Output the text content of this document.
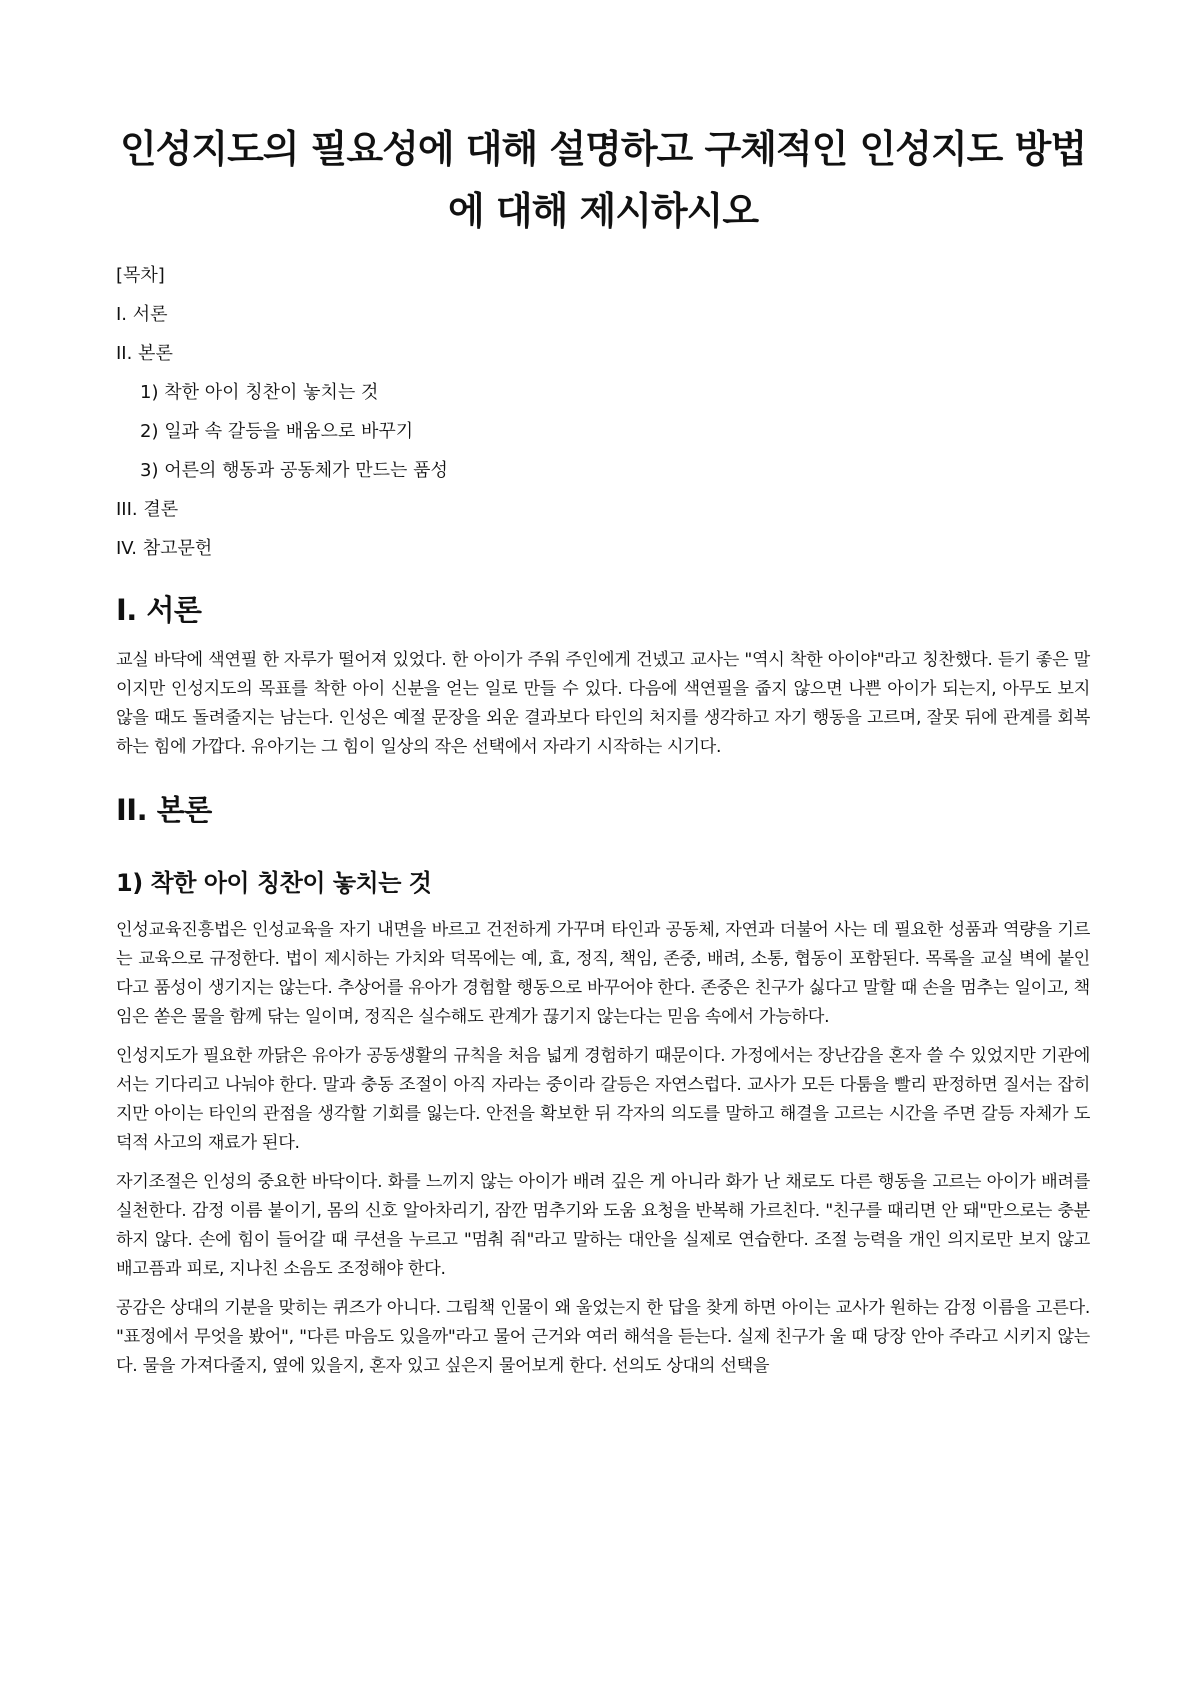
인성지도의 필요성에 대해 설명하고 구체적인 인성지도 방법에 대해 제시하시오
[목차]
I. 서론
II. 본론
1) 착한 아이 칭찬이 놓치는 것
2) 일과 속 갈등을 배움으로 바꾸기
3) 어른의 행동과 공동체가 만드는 품성
III. 결론
IV. 참고문헌
I. 서론

교실 바닥에 색연필 한 자루가 떨어져 있었다. 한 아이가 주워 주인에게 건넸고 교사는 "역시 착한 아이야"라고 칭찬했다. 듣기 좋은 말이지만 인성지도의 목표를 착한 아이 신분을 얻는 일로 만들 수 있다. 다음에 색연필을 줍지 않으면 나쁜 아이가 되는지, 아무도 보지 않을 때도 돌려줄지는 남는다. 인성은 예절 문장을 외운 결과보다 타인의 처지를 생각하고 자기 행동을 고르며, 잘못 뒤에 관계를 회복하는 힘에 가깝다. 유아기는 그 힘이 일상의 작은 선택에서 자라기 시작하는 시기다.

II. 본론
1) 착한 아이 칭찬이 놓치는 것

인성교육진흥법은 인성교육을 자기 내면을 바르고 건전하게 가꾸며 타인과 공동체, 자연과 더불어 사는 데 필요한 성품과 역량을 기르는 교육으로 규정한다. 법이 제시하는 가치와 덕목에는 예, 효, 정직, 책임, 존중, 배려, 소통, 협동이 포함된다. 목록을 교실 벽에 붙인다고 품성이 생기지는 않는다. 추상어를 유아가 경험할 행동으로 바꾸어야 한다. 존중은 친구가 싫다고 말할 때 손을 멈추는 일이고, 책임은 쏟은 물을 함께 닦는 일이며, 정직은 실수해도 관계가 끊기지 않는다는 믿음 속에서 가능하다.

인성지도가 필요한 까닭은 유아가 공동생활의 규칙을 처음 넓게 경험하기 때문이다. 가정에서는 장난감을 혼자 쓸 수 있었지만 기관에서는 기다리고 나눠야 한다. 말과 충동 조절이 아직 자라는 중이라 갈등은 자연스럽다. 교사가 모든 다툼을 빨리 판정하면 질서는 잡히지만 아이는 타인의 관점을 생각할 기회를 잃는다. 안전을 확보한 뒤 각자의 의도를 말하고 해결을 고르는 시간을 주면 갈등 자체가 도덕적 사고의 재료가 된다.

자기조절은 인성의 중요한 바닥이다. 화를 느끼지 않는 아이가 배려 깊은 게 아니라 화가 난 채로도 다른 행동을 고르는 아이가 배려를 실천한다. 감정 이름 붙이기, 몸의 신호 알아차리기, 잠깐 멈추기와 도움 요청을 반복해 가르친다. "친구를 때리면 안 돼"만으로는 충분하지 않다. 손에 힘이 들어갈 때 쿠션을 누르고 "멈춰 줘"라고 말하는 대안을 실제로 연습한다. 조절 능력을 개인 의지로만 보지 않고 배고픔과 피로, 지나친 소음도 조정해야 한다.

공감은 상대의 기분을 맞히는 퀴즈가 아니다. 그림책 인물이 왜 울었는지 한 답을 찾게 하면 아이는 교사가 원하는 감정 이름을 고른다. "표정에서 무엇을 봤어", "다른 마음도 있을까"라고 물어 근거와 여러 해석을 듣는다. 실제 친구가 울 때 당장 안아 주라고 시키지 않는다. 물을 가져다줄지, 옆에 있을지, 혼자 있고 싶은지 물어보게 한다. 선의도 상대의 선택을
